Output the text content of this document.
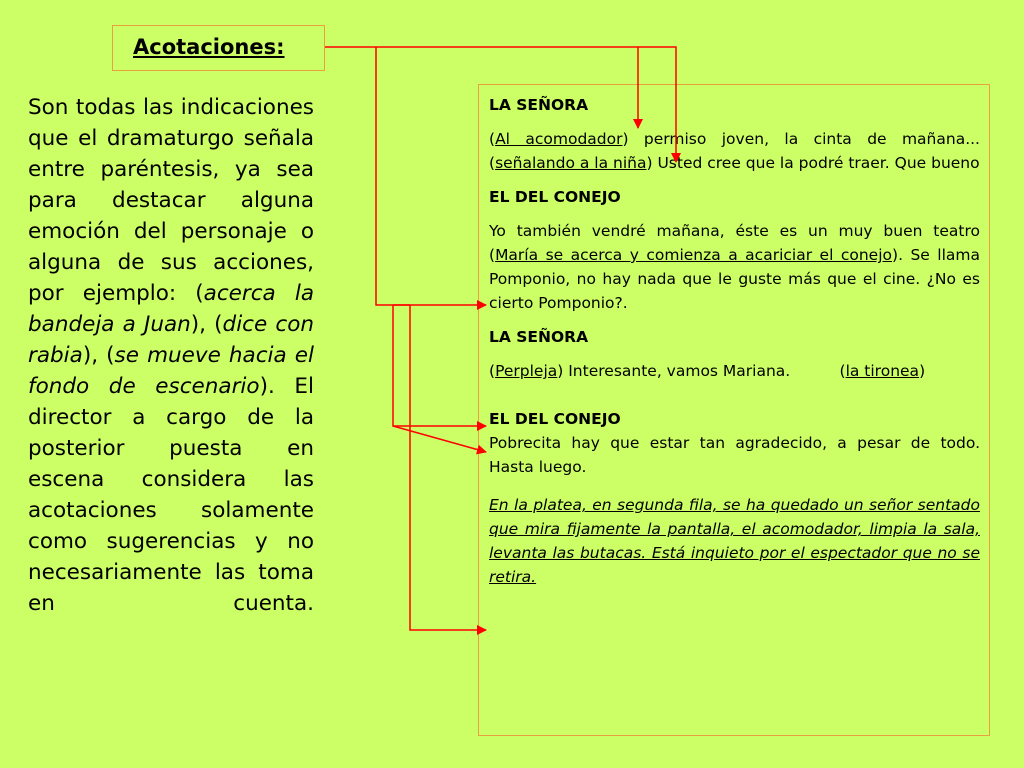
Acotaciones:
Son todas las indicaciones que el dramaturgo señala entre paréntesis, ya sea para destacar alguna emoción del personaje o alguna de sus acciones, por ejemplo: (acerca la bandeja a Juan), (dice con rabia), (se mueve hacia el fondo de escenario). El director a cargo de la posterior puesta en escena considera las acotaciones solamente como sugerencias y no necesariamente las toma en cuenta.

LA SEÑORA

(Al acomodador) permiso joven, la cinta de mañana...(señalando a la niña) Usted cree que la podré traer. Que bueno

EL DEL CONEJO

Yo también vendré mañana, éste es un muy buen teatro (María se acerca y comienza a acariciar el conejo). Se llama Pomponio, no hay nada que le guste más que el cine. ¿No es cierto Pomponio?.

LA SEÑORA

(Perpleja) Interesante, vamos Mariana.          (la tironea)

EL DEL CONEJO

Pobrecita hay que estar tan agradecido, a pesar de todo. Hasta luego.

En la platea, en segunda fila, se ha quedado un señor sentado que mira fijamente la pantalla, el acomodador, limpia la sala, levanta las butacas. Está inquieto por el espectador que no se retira.
